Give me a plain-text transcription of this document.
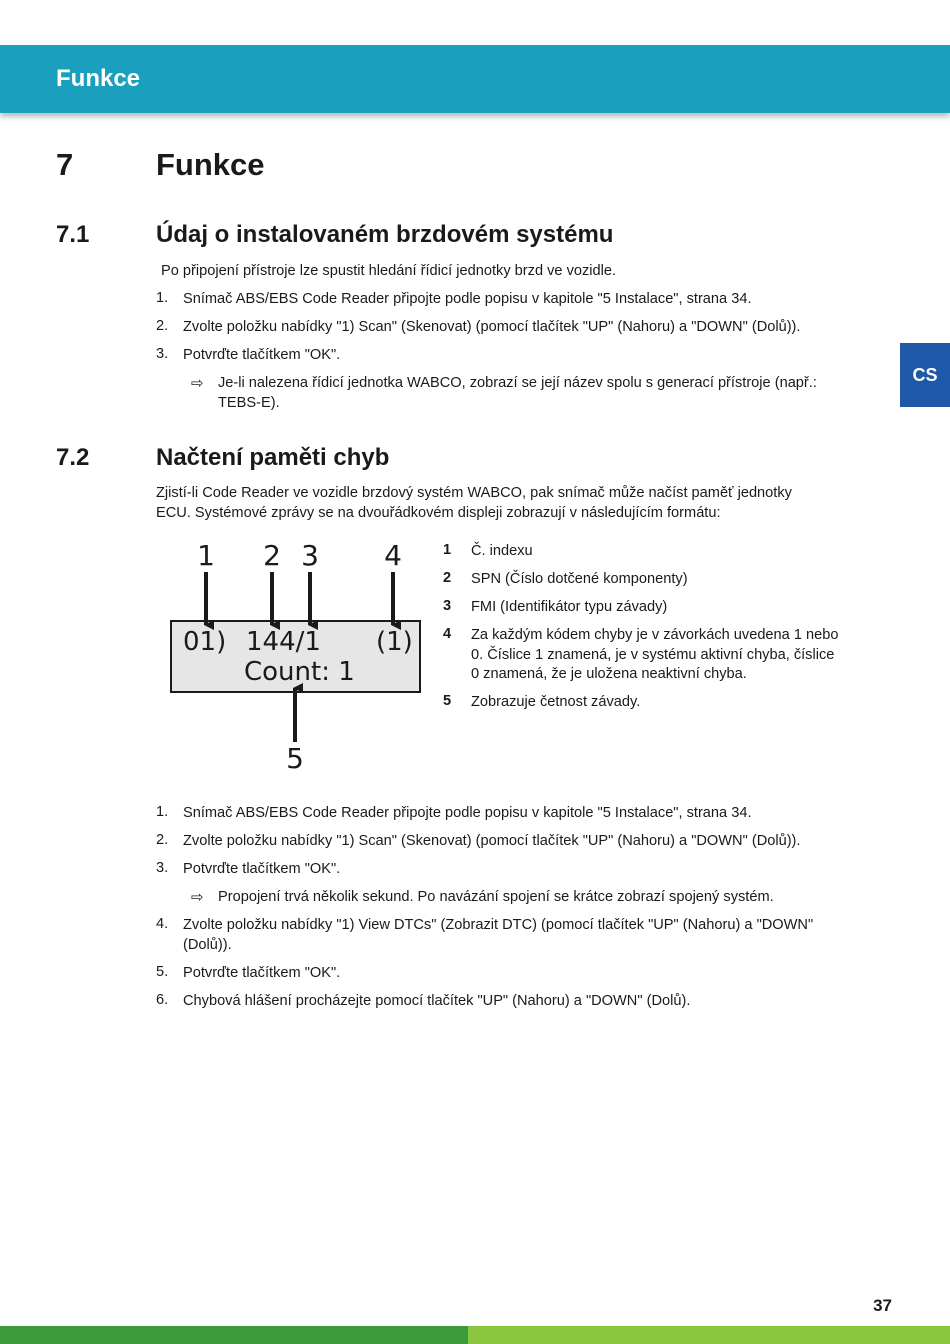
Funkce
CS
7	Funkce
7.1	Údaj o instalovaném brzdovém systému
Po připojení přístroje lze spustit hledání řídicí jednotky brzd ve vozidle.
1. Snímač ABS/EBS Code Reader připojte podle popisu v kapitole "5 Instalace", strana 34.
2. Zvolte položku nabídky "1) Scan" (Skenovat) (pomocí tlačítek "UP" (Nahoru) a "DOWN" (Dolů)).
3. Potvrďte tlačítkem "OK".
⇨ Je-li nalezena řídicí jednotka WABCO, zobrazí se její název spolu s generací přístroje (např.:
TEBS-E).
7.2	Načtení paměti chyb
Zjistí-li Code Reader ve vozidle brzdový systém WABCO, pak snímač může načíst paměť jednotky
ECU. Systémové zprávy se na dvouřádkovém displeji zobrazují v následujícím formátu:
1 2 3 4
5
01) 144/1 (1)
Count: 1
1 Č. indexu
2 SPN (Číslo dotčené komponenty)
3 FMI (Identifikátor typu závady)
4 Za každým kódem chyby je v závorkách uvedena 1 nebo
0. Číslice 1 znamená, je v systému aktivní chyba, číslice
0 znamená, že je uložena neaktivní chyba.
5 Zobrazuje četnost závady.
1. Snímač ABS/EBS Code Reader připojte podle popisu v kapitole "5 Instalace", strana 34.
2. Zvolte položku nabídky "1) Scan" (Skenovat) (pomocí tlačítek "UP" (Nahoru) a "DOWN" (Dolů)).
3. Potvrďte tlačítkem "OK".
⇨ Propojení trvá několik sekund. Po navázání spojení se krátce zobrazí spojený systém.
4. Zvolte položku nabídky "1) View DTCs" (Zobrazit DTC) (pomocí tlačítek "UP" (Nahoru) a "DOWN"
(Dolů)).
5. Potvrďte tlačítkem "OK".
6. Chybová hlášení procházejte pomocí tlačítek "UP" (Nahoru) a "DOWN" (Dolů).
37
